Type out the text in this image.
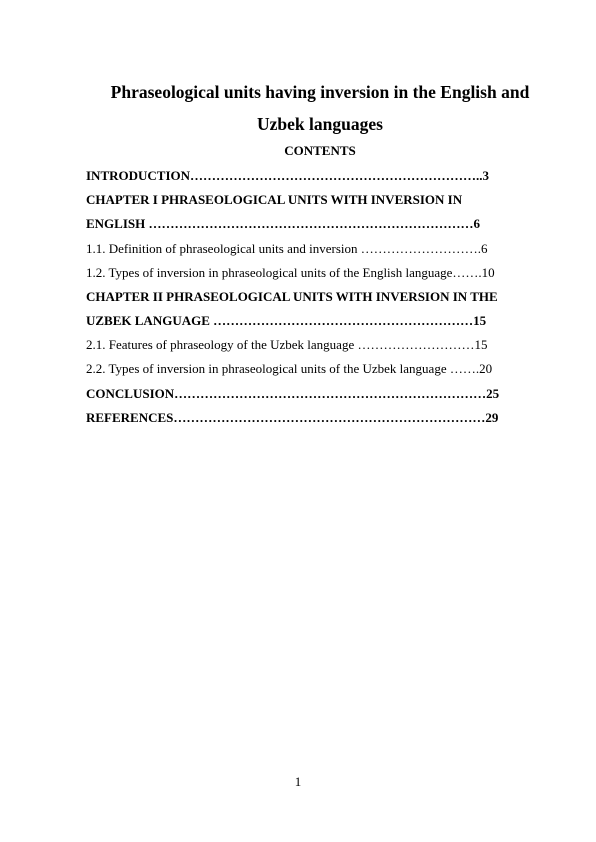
Phraseological units having inversion in the English and
Uzbek languages
CONTENTS
INTRODUCTION…………………………………………………………..3
CHAPTER I PHRASEOLOGICAL UNITS WITH INVERSION IN
ENGLISH …………………………………………………………………6
1.1. Definition of phraseological units and inversion ……………………….6
1.2. Types of inversion in phraseological units of the English language…….10
CHAPTER II PHRASEOLOGICAL UNITS WITH INVERSION IN THE
UZBEK LANGUAGE ……………………………………………………15
2.1. Features of phraseology of the Uzbek language ………………………15
2.2. Types of inversion in phraseological units of the Uzbek language …….20
CONCLUSION………………………………………………………………25
REFERENCES………………………………………………………………29
1
